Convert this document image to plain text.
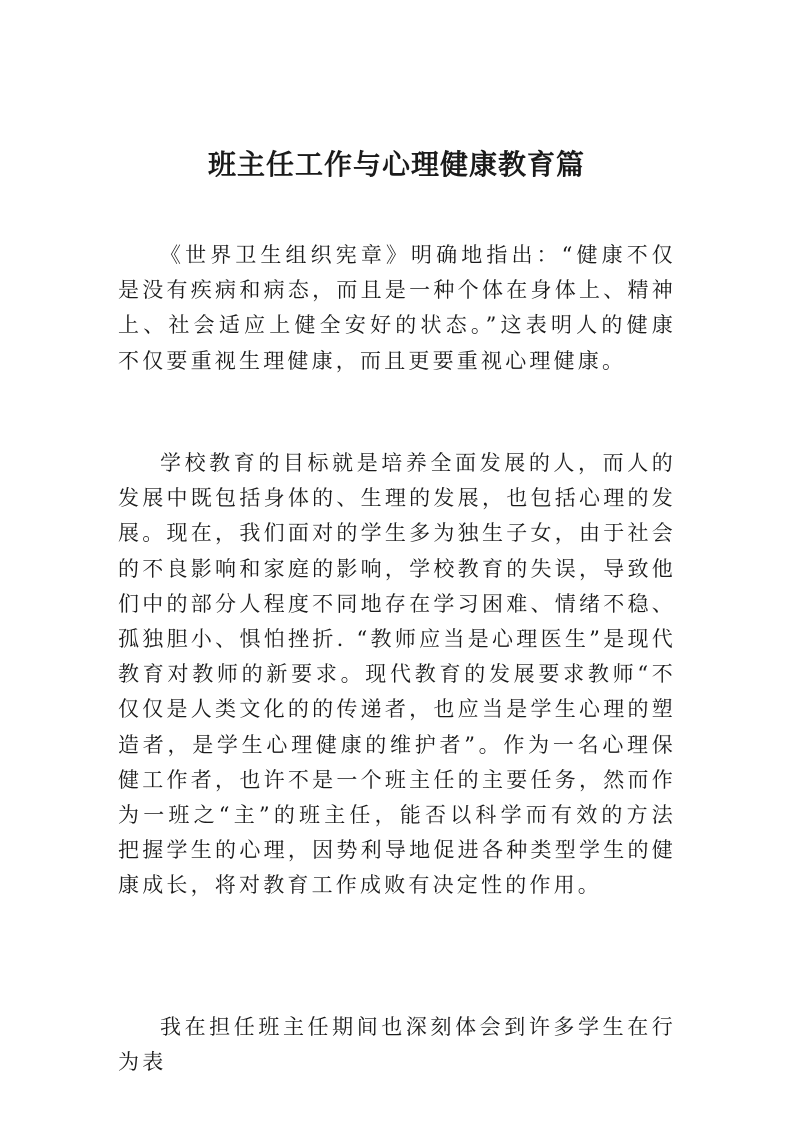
班主任工作与心理健康教育篇

《世界卫生组织宪章》明确地指出：“健康不仅是没有疾病和病态，而且是一种个体在身体上、精神上、社会适应上健全安好的状态。”这表明人的健康不仅要重视生理健康，而且更要重视心理健康。

学校教育的目标就是培养全面发展的人，而人的发展中既包括身体的、生理的发展，也包括心理的发展。现在，我们面对的学生多为独生子女，由于社会的不良影响和家庭的影响，学校教育的失误，导致他们中的部分人程度不同地存在学习困难、情绪不稳、孤独胆小、惧怕挫折. “教师应当是心理医生”是现代教育对教师的新要求。现代教育的发展要求教师“不仅仅是人类文化的的传递者，也应当是学生心理的塑造者，是学生心理健康的维护者”。作为一名心理保健工作者，也许不是一个班主任的主要任务，然而作为一班之“主”的班主任，能否以科学而有效的方法把握学生的心理，因势利导地促进各种类型学生的健康成长，将对教育工作成败有决定性的作用。

我在担任班主任期间也深刻体会到许多学生在行为表
